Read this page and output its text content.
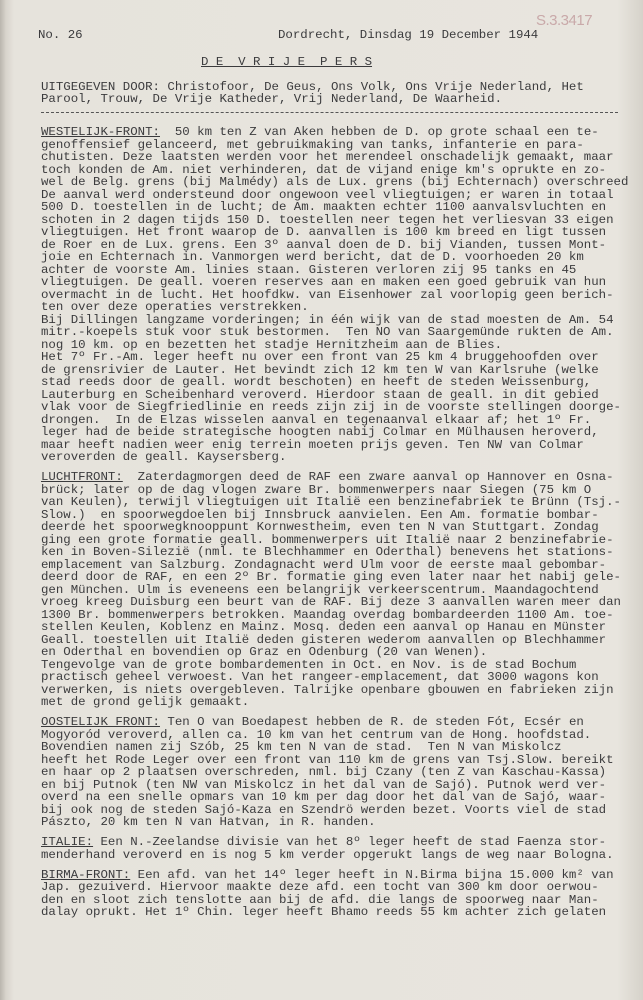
S.3.3417
No. 26	Dordrecht, Dinsdag 19 December 1944
D E  V R I J E  P E R S
UITGEGEVEN DOOR: Christofoor, De Geus, Ons Volk, Ons Vrije Nederland, Het
Parool, Trouw, De Vrije Katheder, Vrij Nederland, De Waarheid.
WESTELIJK-FRONT:  50 km ten Z van Aken hebben de D. op grote schaal een te-
genoffensief gelanceerd, met gebruikmaking van tanks, infanterie en para-
chutisten. Deze laatsten werden voor het merendeel onschadelijk gemaakt, maar
toch konden de Am. niet verhinderen, dat de vijand enige km's oprukte en zo-
wel de Belg. grens (bij Malmédy) als de Lux. grens (bij Echternach) overschreed
De aanval werd ondersteund door ongewoon veel vliegtuigen; er waren in totaal
500 D. toestellen in de lucht; de Am. maakten echter 1100 aanvalsvluchten en
schoten in 2 dagen tijds 150 D. toestellen neer tegen het verliesvan 33 eigen
vliegtuigen. Het front waarop de D. aanvallen is 100 km breed en ligt tussen
de Roer en de Lux. grens. Een 3º aanval doen de D. bij Vianden, tussen Mont-
joie en Echternach in. Vanmorgen werd bericht, dat de D. voorhoeden 20 km
achter de voorste Am. linies staan. Gisteren verloren zij 95 tanks en 45
vliegtuigen. De geall. voeren reserves aan en maken een goed gebruik van hun
overmacht in de lucht. Het hoofdkw. van Eisenhower zal voorlopig geen berich-
ten over deze operaties verstrekken.
Bij Dillingen langzame vorderingen; in één wijk van de stad moesten de Am. 54
mitr.-koepels stuk voor stuk bestormen.  Ten NO van Saargemünde rukten de Am.
nog 10 km. op en bezetten het stadje Hernitzheim aan de Blies.
Het 7º Fr.-Am. leger heeft nu over een front van 25 km 4 bruggehoofden over
de grensrivier de Lauter. Het bevindt zich 12 km ten W van Karlsruhe (welke
stad reeds door de geall. wordt beschoten) en heeft de steden Weissenburg,
Lauterburg en Scheibenhard veroverd. Hierdoor staan de geall. in dit gebied
vlak voor de Siegfriedlinie en reeds zijn zij in de voorste stellingen doorge-
drongen.  In de Elzas wisselen aanval en tegenaanval elkaar af; het 1º Fr.
leger had de beide strategische hoogten nabij Colmar en Mülhausen heroverd,
maar heeft nadien weer enig terrein moeten prijs geven. Ten NW van Colmar
veroverden de geall. Kaysersberg.
LUCHTFRONT:  Zaterdagmorgen deed de RAF een zware aanval op Hannover en Osna-
brück; later op de dag vlogen zware Br. bommenwerpers naar Siegen (75 km O
van Keulen), terwijl vliegtuigen uit Italië een benzinefabriek te Brünn (Tsj.-
Slow.)  en spoorwegdoelen bij Innsbruck aanvielen. Een Am. formatie bombar-
deerde het spoorwegknooppunt Kornwestheim, even ten N van Stuttgart. Zondag
ging een grote formatie geall. bommenwerpers uit Italië naar 2 benzinefabrie-
ken in Boven-Silezië (nml. te Blechhammer en Oderthal) benevens het stations-
emplacement van Salzburg. Zondagnacht werd Ulm voor de eerste maal gebombar-
deerd door de RAF, en een 2º Br. formatie ging even later naar het nabij gele-
gen München. Ulm is eveneens een belangrijk verkeerscentrum. Maandagochtend
vroeg kreeg Duisburg een beurt van de RAF. Bij deze 3 aanvallen waren meer dan
1300 Br. bommenwerpers betrokken. Maandag overdag bombardeerden 1100 Am. toe-
stellen Keulen, Koblenz en Mainz. Mosq. deden een aanval op Hanau en Münster
Geall. toestellen uit Italië deden gisteren wederom aanvallen op Blechhammer
en Oderthal en bovendien op Graz en Odenburg (20 van Wenen).
Tengevolge van de grote bombardementen in Oct. en Nov. is de stad Bochum
practisch geheel verwoest. Van het rangeer-emplacement, dat 3000 wagons kon
verwerken, is niets overgebleven. Talrijke openbare gbouwen en fabrieken zijn
met de grond gelijk gemaakt.
OOSTELIJK FRONT: Ten O van Boedapest hebben de R. de steden Fót, Ecsér en
Mogyoród veroverd, allen ca. 10 km van het centrum van de Hong. hoofdstad.
Bovendien namen zij Szób, 25 km ten N van de stad.  Ten N van Miskolcz
heeft het Rode Leger over een front van 110 km de grens van Tsj.Slow. bereikt
en haar op 2 plaatsen overschreden, nml. bij Czany (ten Z van Kaschau-Kassa)
en bij Putnok (ten NW van Miskolcz in het dal van de Sajó). Putnok werd ver-
overd na een snelle opmars van 10 km per dag door het dal van de Sajó, waar-
bij ook nog de steden Sajó-Kaza en Szendrö werden bezet. Voorts viel de stad
Pászto, 20 km ten N van Hatvan, in R. handen.
ITALIE: Een N.-Zeelandse divisie van het 8º leger heeft de stad Faenza stor-
menderhand veroverd en is nog 5 km verder opgerukt langs de weg naar Bologna.
BIRMA-FRONT: Een afd. van het 14º leger heeft in N.Birma bijna 15.000 km² van
Jap. gezuiverd. Hiervoor maakte deze afd. een tocht van 300 km door oerwou-
den en sloot zich tenslotte aan bij de afd. die langs de spoorweg naar Man-
dalay oprukt. Het 1º Chin. leger heeft Bhamo reeds 55 km achter zich gelaten
